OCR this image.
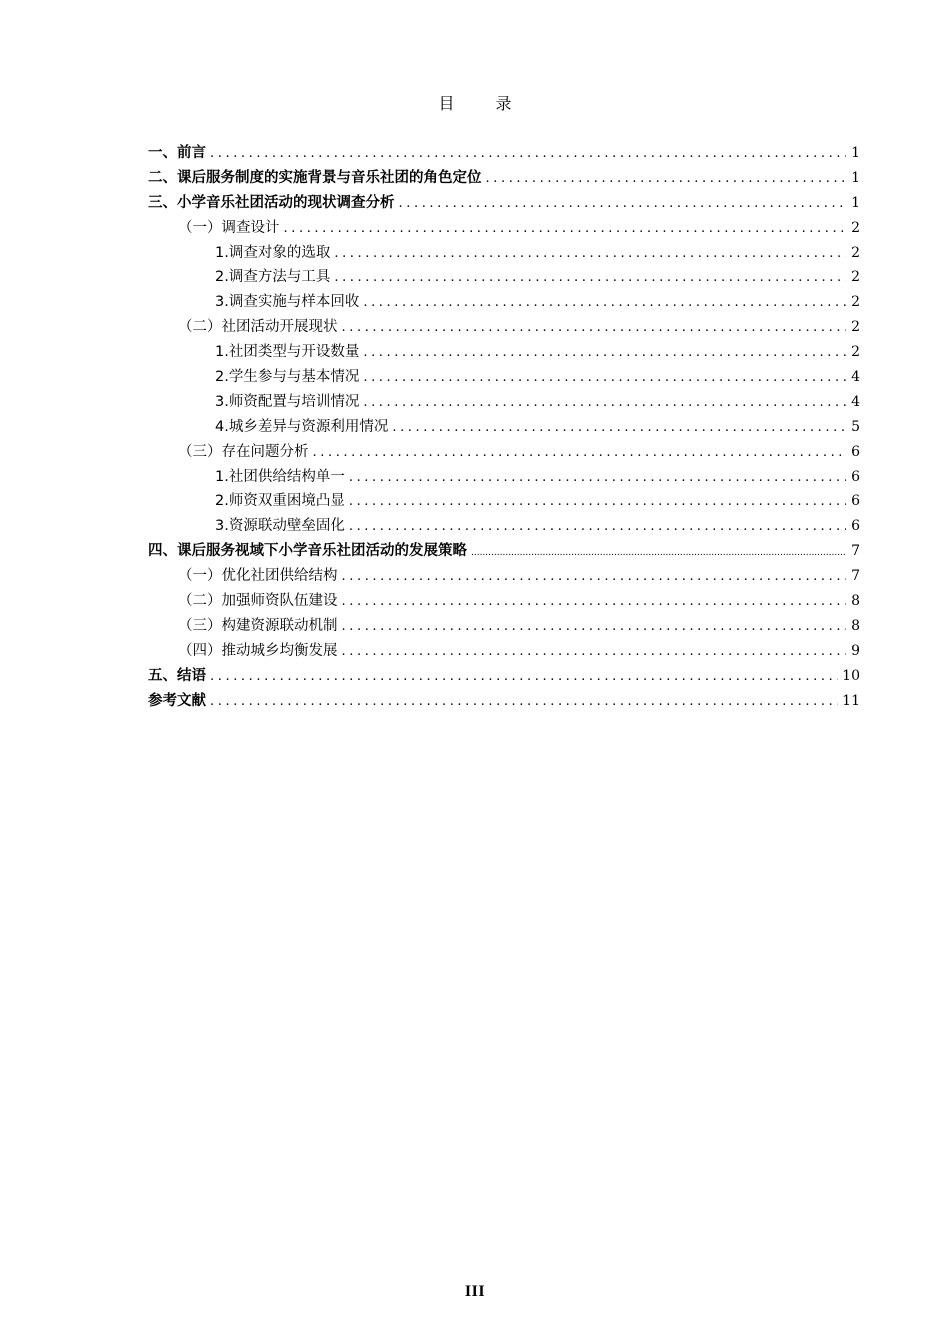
目 录
一、前言 .....	1
二、课后服务制度的实施背景与音乐社团的角色定位 .....	1
三、小学音乐社团活动的现状调查分析 .....	1
（一）调查设计 .....	2
1.调查对象的选取 .....	2
2.调查方法与工具 .....	2
3.调查实施与样本回收 .....	2
（二）社团活动开展现状 .....	2
1.社团类型与开设数量 .....	2
2.学生参与与基本情况 .....	4
3.师资配置与培训情况 .....	4
4.城乡差异与资源利用情况 .....	5
（三）存在问题分析 .....	6
1.社团供给结构单一 .....	6
2.师资双重困境凸显 .....	6
3.资源联动壁垒固化 .....	6
四、课后服务视域下小学音乐社团活动的发展策略 .....	7
（一）优化社团供给结构 .....	7
（二）加强师资队伍建设 .....	8
（三）构建资源联动机制 .....	8
（四）推动城乡均衡发展 .....	9
五、结语 .....	10
参考文献 .....	11
III
